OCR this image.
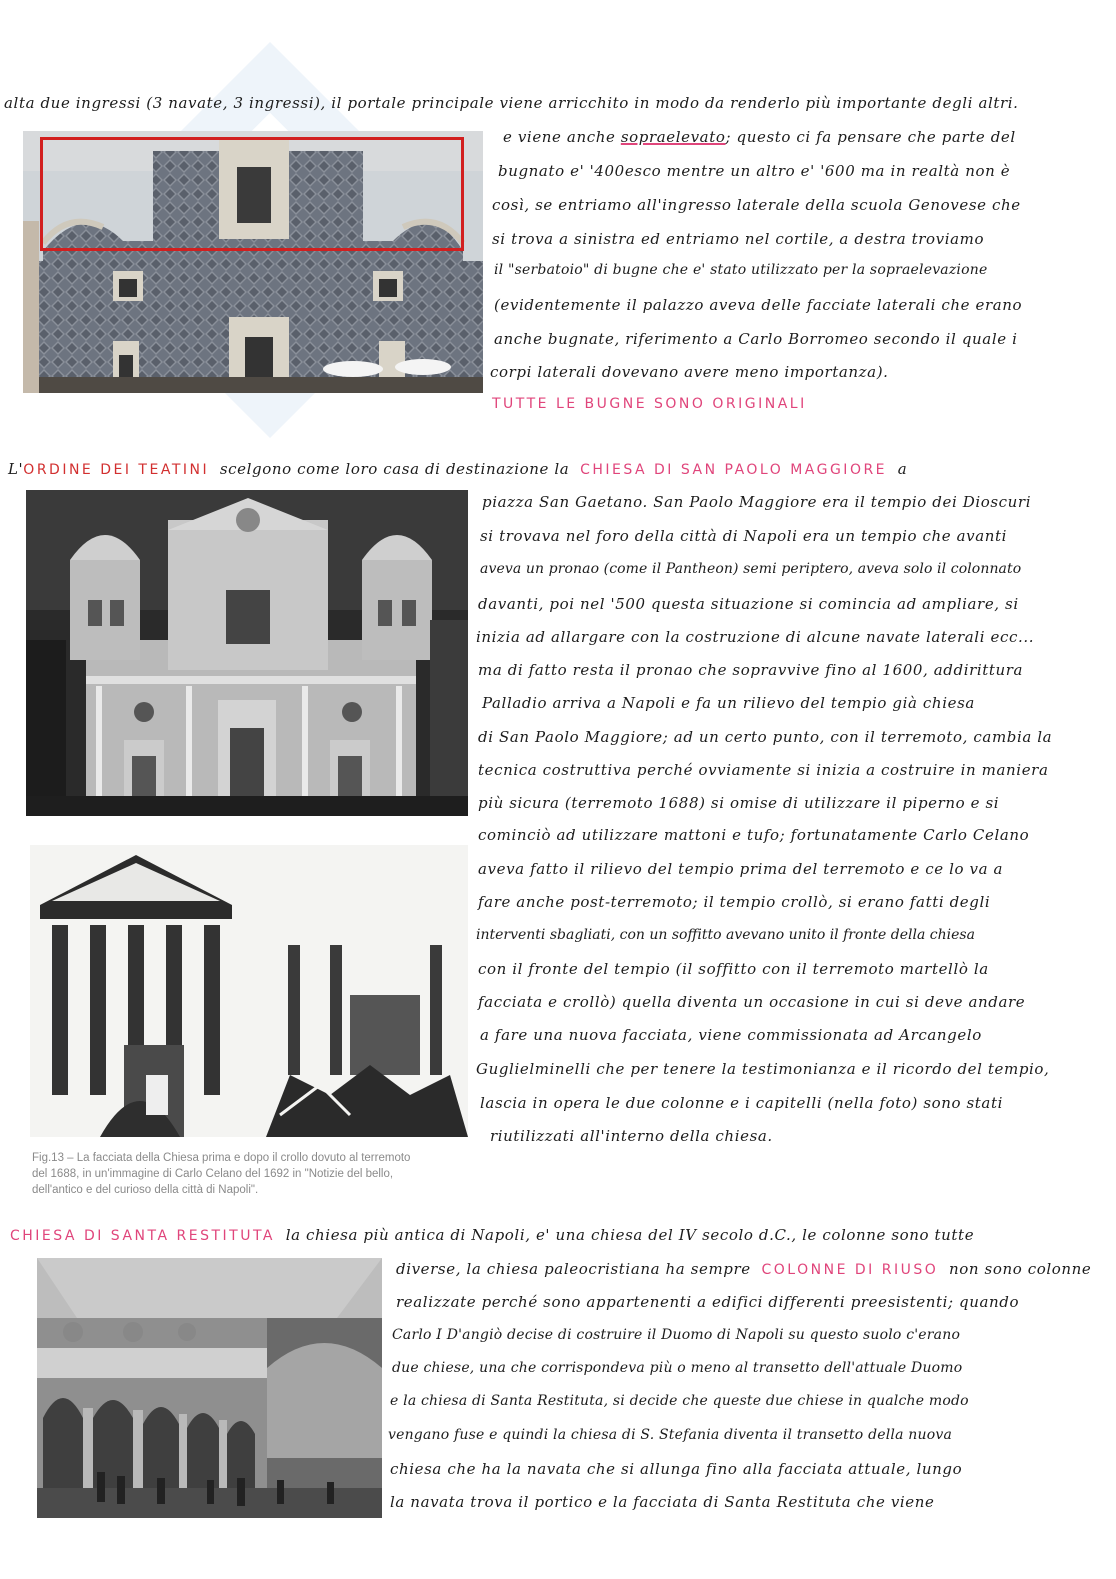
alta due ingressi (3 navate, 3 ingressi), il portale principale viene arricchito in modo da renderlo più importante degli altri.
e viene anche sopraelevato; questo ci fa pensare che parte del
bugnato e' '400esco mentre un altro e' '600 ma in realtà non è
così, se entriamo all'ingresso laterale della scuola Genovese che
si trova a sinistra ed entriamo nel cortile, a destra troviamo
il "serbatoio" di bugne che e' stato utilizzato per la sopraelevazione
(evidentemente il palazzo aveva delle facciate laterali che erano
anche bugnate, riferimento a Carlo Borromeo secondo il quale i
corpi laterali dovevano avere meno importanza).
TUTTE LE BUGNE SONO ORIGINALI
L'ORDINE DEI TEATINI scelgono come loro casa di destinazione la CHIESA DI SAN PAOLO MAGGIORE a
piazza San Gaetano. San Paolo Maggiore era il tempio dei Dioscuri
si trovava nel foro della città di Napoli era un tempio che avanti
aveva un pronao (come il Pantheon) semi periptero, aveva solo il colonnato
davanti, poi nel '500 questa situazione si comincia ad ampliare, si
inizia ad allargare con la costruzione di alcune navate laterali ecc...
ma di fatto resta il pronao che sopravvive fino al 1600, addirittura
Palladio arriva a Napoli e fa un rilievo del tempio già chiesa
di San Paolo Maggiore; ad un certo punto, con il terremoto, cambia la
tecnica costruttiva perché ovviamente si inizia a costruire in maniera
più sicura (terremoto 1688) si omise di utilizzare il piperno e si
cominciò ad utilizzare mattoni e tufo; fortunatamente Carlo Celano
aveva fatto il rilievo del tempio prima del terremoto e ce lo va a
fare anche post-terremoto; il tempio crollò, si erano fatti degli
interventi sbagliati, con un soffitto avevano unito il fronte della chiesa
con il fronte del tempio (il soffitto con il terremoto martellò la
facciata e crollò) quella diventa un occasione in cui si deve andare
a fare una nuova facciata, viene commissionata ad Arcangelo
Guglielminelli che per tenere la testimonianza e il ricordo del tempio,
lascia in opera le due colonne e i capitelli (nella foto) sono stati
riutilizzati all'interno della chiesa.
Fig.13 – La facciata della Chiesa prima e dopo il crollo dovuto al terremoto
del 1688, in un'immagine di Carlo Celano del 1692 in "Notizie del bello,
dell'antico e del curioso della città di Napoli".
CHIESA DI SANTA RESTITUTA la chiesa più antica di Napoli, e' una chiesa del IV secolo d.C., le colonne sono tutte
diverse, la chiesa paleocristiana ha sempre COLONNE DI RIUSO non sono colonne
realizzate perché sono appartenenti a edifici differenti preesistenti; quando
Carlo I D'angiò decise di costruire il Duomo di Napoli su questo suolo c'erano
due chiese, una che corrispondeva più o meno al transetto dell'attuale Duomo
e la chiesa di Santa Restituta, si decide che queste due chiese in qualche modo
vengano fuse e quindi la chiesa di S. Stefania diventa il transetto della nuova
chiesa che ha la navata che si allunga fino alla facciata attuale, lungo
la navata trova il portico e la facciata di Santa Restituta che viene
